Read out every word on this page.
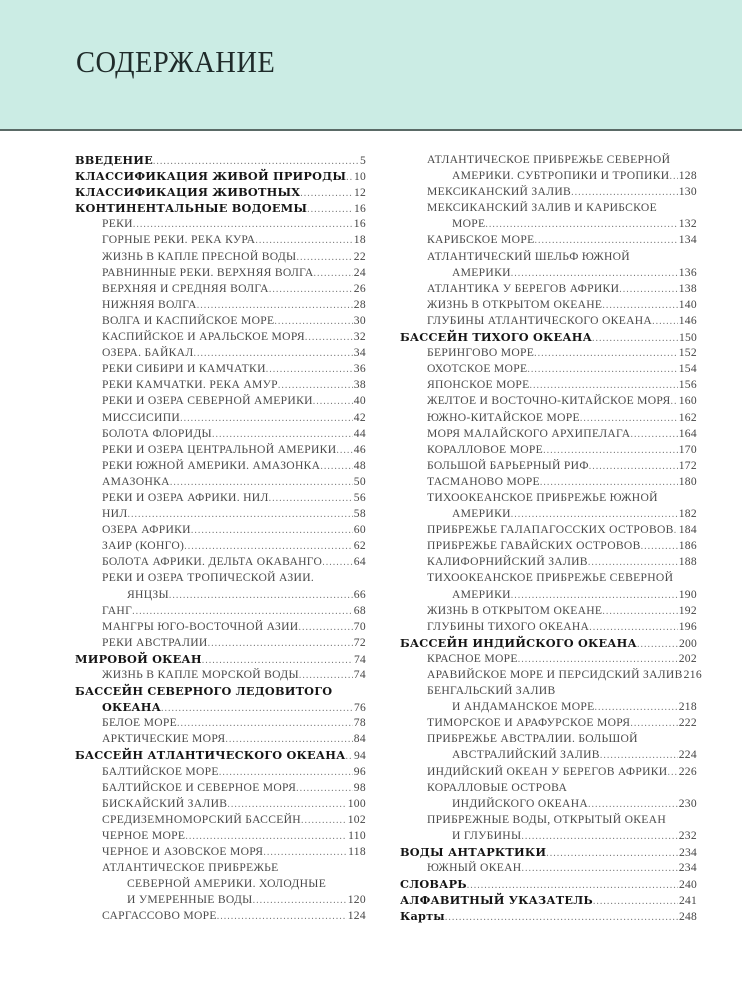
СОДЕРЖАНИЕ
ВВЕДЕНИЕ .....	5
КЛАССИФИКАЦИЯ ЖИВОЙ ПРИРОДЫ ..... 10
КЛАССИФИКАЦИЯ ЖИВОТНЫХ .....	12
КОНТИНЕНТАЛЬНЫЕ ВОДОЕМЫ .....	16
РЕКИ .....	16
ГОРНЫЕ РЕКИ. РЕКА КУРА .....	18
ЖИЗНЬ В КАПЛЕ ПРЕСНОЙ ВОДЫ .....	22
РАВНИННЫЕ РЕКИ. ВЕРХНЯЯ ВОЛГА .....	24
ВЕРХНЯЯ И СРЕДНЯЯ ВОЛГА .....	26
НИЖНЯЯ ВОЛГА .....	28
ВОЛГА И КАСПИЙСКОЕ МОРЕ .....	30
КАСПИЙСКОЕ И АРАЛЬСКОЕ МОРЯ .....	32
ОЗЕРА. БАЙКАЛ .....	34
РЕКИ СИБИРИ И КАМЧАТКИ .....	36
РЕКИ КАМЧАТКИ. РЕКА АМУР .....	38
РЕКИ И ОЗЕРА СЕВЕРНОЙ АМЕРИКИ .....	40
МИССИСИПИ .....	42
БОЛОТА ФЛОРИДЫ .....	44
РЕКИ И ОЗЕРА ЦЕНТРАЛЬНОЙ АМЕРИКИ ..... 46
РЕКИ ЮЖНОЙ АМЕРИКИ. АМАЗОНКА .....	48
АМАЗОНКА .....	50
РЕКИ И ОЗЕРА АФРИКИ. НИЛ .....	56
НИЛ .....	58
ОЗЕРА АФРИКИ .....	60
ЗАИР (КОНГО) .....	62
БОЛОТА АФРИКИ. ДЕЛЬТА ОКАВАНГО .....	64
РЕКИ И ОЗЕРА ТРОПИЧЕСКОЙ АЗИИ.
ЯНЦЗЫ .....	66
ГАНГ .....	68
МАНГРЫ ЮГО-ВОСТОЧНОЙ АЗИИ .....	70
РЕКИ АВСТРАЛИИ .....	72
МИРОВОЙ ОКЕАН .....	74
ЖИЗНЬ В КАПЛЕ МОРСКОЙ ВОДЫ .....	74
БАССЕЙН СЕВЕРНОГО ЛЕДОВИТОГО
ОКЕАНА .....	76
БЕЛОЕ МОРЕ .....	78
АРКТИЧЕСКИЕ МОРЯ .....	84
БАССЕЙН АТЛАНТИЧЕСКОГО ОКЕАНА ..... 94
БАЛТИЙСКОЕ МОРЕ .....	96
БАЛТИЙСКОЕ И СЕВЕРНОЕ МОРЯ .....	98
БИСКАЙСКИЙ ЗАЛИВ .....	100
СРЕДИЗЕМНОМОРСКИЙ БАССЕЙН .....	102
ЧЕРНОЕ МОРЕ .....	110
ЧЕРНОЕ И АЗОВСКОЕ МОРЯ .....	118
АТЛАНТИЧЕСКОЕ ПРИБРЕЖЬЕ
СЕВЕРНОЙ АМЕРИКИ. ХОЛОДНЫЕ
И УМЕРЕННЫЕ ВОДЫ .....	120
САРГАССОВО МОРЕ .....	124
АТЛАНТИЧЕСКОЕ ПРИБРЕЖЬЕ СЕВЕРНОЙ
АМЕРИКИ. СУБТРОПИКИ И ТРОПИКИ ..... 128
МЕКСИКАНСКИЙ ЗАЛИВ .....	130
МЕКСИКАНСКИЙ ЗАЛИВ И КАРИБСКОЕ
МОРЕ .....	132
КАРИБСКОЕ МОРЕ .....	134
АТЛАНТИЧЕСКИЙ ШЕЛЬФ ЮЖНОЙ
АМЕРИКИ .....	136
АТЛАНТИКА У БЕРЕГОВ АФРИКИ .....	138
ЖИЗНЬ В ОТКРЫТОМ ОКЕАНЕ .....	140
ГЛУБИНЫ АТЛАНТИЧЕСКОГО ОКЕАНА ..... 146
БАССЕЙН ТИХОГО ОКЕАНА .....	150
БЕРИНГОВО МОРЕ .....	152
ОХОТСКОЕ МОРЕ .....	154
ЯПОНСКОЕ МОРЕ .....	156
ЖЕЛТОЕ И ВОСТОЧНО-КИТАЙСКОЕ МОРЯ ..... 160
ЮЖНО-КИТАЙСКОЕ МОРЕ .....	162
МОРЯ МАЛАЙСКОГО АРХИПЕЛАГА .....	164
КОРАЛЛОВОЕ МОРЕ .....	170
БОЛЬШОЙ БАРЬЕРНЫЙ РИФ .....	172
ТАСМАНОВО МОРЕ .....	180
ТИХООКЕАНСКОЕ ПРИБРЕЖЬЕ ЮЖНОЙ
АМЕРИКИ .....	182
ПРИБРЕЖЬЕ ГАЛАПАГОССКИХ ОСТРОВОВ ..... 184
ПРИБРЕЖЬЕ ГАВАЙСКИХ ОСТРОВОВ .....	186
КАЛИФОРНИЙСКИЙ ЗАЛИВ .....	188
ТИХООКЕАНСКОЕ ПРИБРЕЖЬЕ СЕВЕРНОЙ
АМЕРИКИ .....	190
ЖИЗНЬ В ОТКРЫТОМ ОКЕАНЕ .....	192
ГЛУБИНЫ ТИХОГО ОКЕАНА .....	196
БАССЕЙН ИНДИЙСКОГО ОКЕАНА .....	200
КРАСНОЕ МОРЕ .....	202
АРАВИЙСКОЕ МОРЕ И ПЕРСИДСКИЙ ЗАЛИВ 216
БЕНГАЛЬСКИЙ ЗАЛИВ
И АНДАМАНСКОЕ МОРЕ .....	218
ТИМОРСКОЕ И АРАФУРСКОЕ МОРЯ .....	222
ПРИБРЕЖЬЕ АВСТРАЛИИ. БОЛЬШОЙ
АВСТРАЛИЙСКИЙ ЗАЛИВ .....	224
ИНДИЙСКИЙ ОКЕАН У БЕРЕГОВ АФРИКИ ..... 226
КОРАЛЛОВЫЕ ОСТРОВА
ИНДИЙСКОГО ОКЕАНА .....	230
ПРИБРЕЖНЫЕ ВОДЫ, ОТКРЫТЫЙ ОКЕАН
И ГЛУБИНЫ .....	232
ВОДЫ АНТАРКТИКИ .....	234
ЮЖНЫЙ ОКЕАН .....	234
СЛОВАРЬ .....	240
АЛФАВИТНЫЙ УКАЗАТЕЛЬ .....	241
Карты .....	248
